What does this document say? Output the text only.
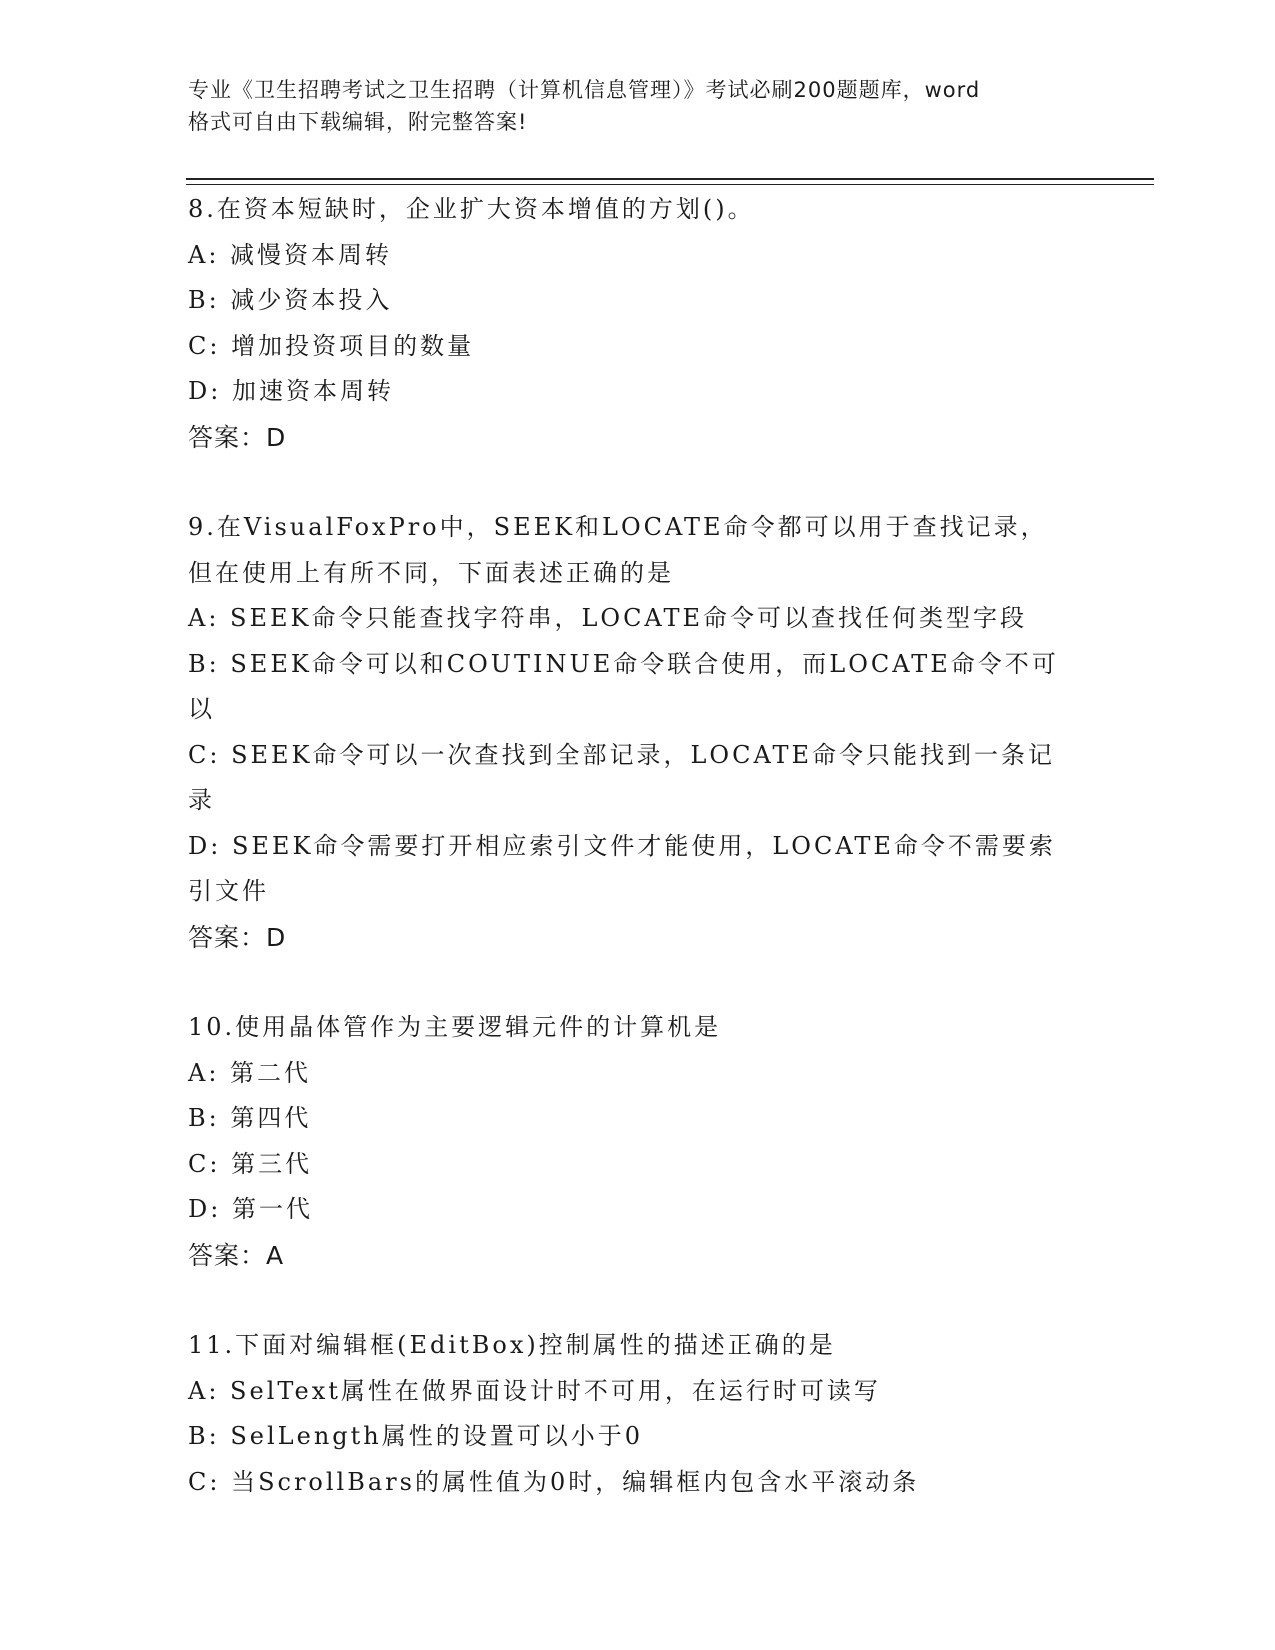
专业《卫生招聘考试之卫生招聘（计算机信息管理）》考试必刷200题题库，word
格式可自由下载编辑，附完整答案!

8.在资本短缺时，企业扩大资本增值的方划()。

A: 减慢资本周转

B: 减少资本投入

C: 增加投资项目的数量

D: 加速资本周转

答案：D

9.在VisualFoxPro中，SEEK和LOCATE命令都可以用于查找记录，但在使用上有所不同，下面表述正确的是

A: SEEK命令只能查找字符串，LOCATE命令可以查找任何类型字段

B: SEEK命令可以和COUTINUE命令联合使用，而LOCATE命令不可以

C: SEEK命令可以一次查找到全部记录，LOCATE命令只能找到一条记录

D: SEEK命令需要打开相应索引文件才能使用，LOCATE命令不需要索引文件

答案：D

10.使用晶体管作为主要逻辑元件的计算机是

A: 第二代

B: 第四代

C: 第三代

D: 第一代

答案：A

11.下面对编辑框(EditBox)控制属性的描述正确的是

A: SelText属性在做界面设计时不可用，在运行时可读写

B: SelLength属性的设置可以小于0

C: 当ScrollBars的属性值为0时，编辑框内包含水平滚动条
